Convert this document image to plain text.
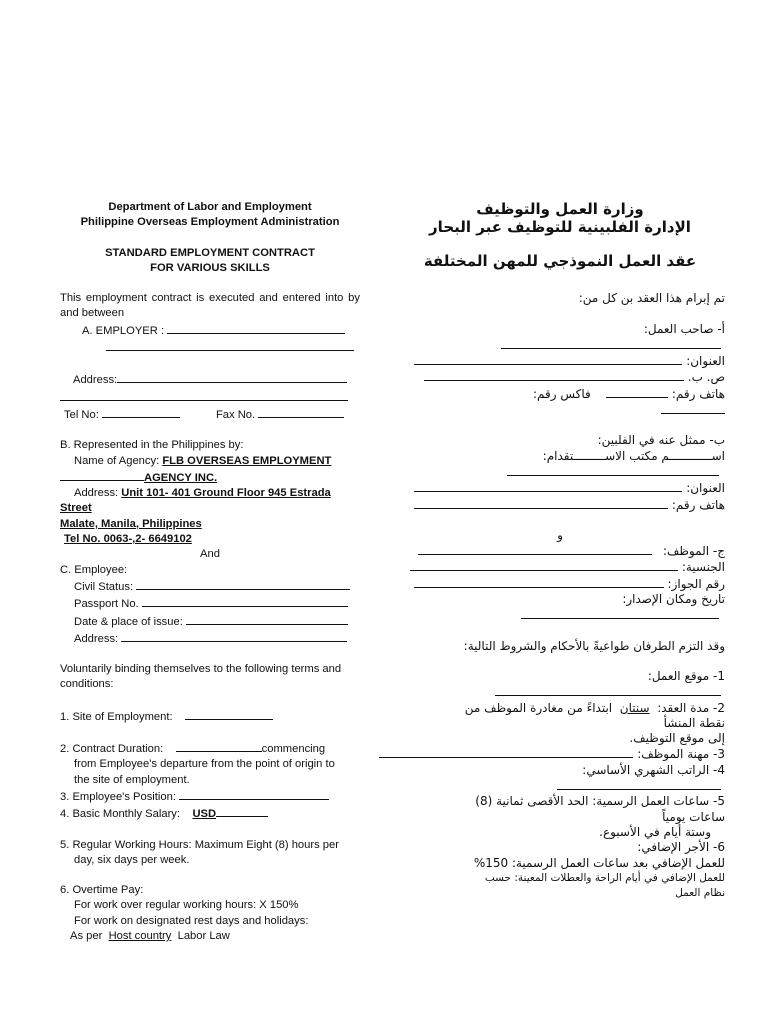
Department of Labor and Employment
Philippine Overseas Employment Administration
STANDARD EMPLOYMENT CONTRACT
FOR VARIOUS SKILLS
This employment contract is executed and entered into by and between
A. EMPLOYER :
Address:
Tel No:	Fax No.
B. Represented in the Philippines by:
Name of Agency: FLB OVERSEAS EMPLOYMENT
AGENCY INC.
Address: Unit 101- 401 Ground Floor 945 Estrada
Street
Malate, Manila, Philippines
Tel No. 0063-,2- 6649102
And
C. Employee:
Civil Status:
Passport No.
Date & place of issue:
Address:
Voluntarily binding themselves to the following terms and conditions:
1. Site of Employment:
2. Contract Duration:	commencing
from Employee's departure from the point of origin to
the site of employment.
3. Employee's Position:
4. Basic Monthly Salary: USD
5. Regular Working Hours: Maximum Eight (8) hours per
day, six days per week.
6. Overtime Pay:
For work over regular working hours: X 150%
For work on designated rest days and holidays:
As per Host country Labor Law
وزارة العمل والتوظيف
الإدارة الفلبينية للتوظيف عبر البحار
عقد العمل النموذجي للمهن المختلفة
تم إبرام هذا العقد بن كل من:
أ- صاحب العمل:
العنوان:
ص. ب.
هاتف رقم:     فاكس رقم:
ب- ممثل عنه في الفلبين:
اســــــــــــم مكتب الاســـــــــتقدام:
العنوان:
هاتف رقم:
و
ج- الموظف:
الجنسية:
رقم الجواز:
تاريخ ومكان الإصدار:
وقد التزم الطرفان طواعيةً بالأحكام والشروط التالية:
1- موقع العمل:
2- مدة العقد:  سنتان  ابتداءً من مغادرة الموظف من
نقطة المنشأ
إلى موقع التوظيف.
3- مهنة الموظف:
4- الراتب الشهري الأساسي:
5- ساعات العمل الرسمية: الحد الأقصى ثمانية (8)
ساعات يومياً
وستة أيام في الأسبوع.
6- الأجر الإضافي:
للعمل الإضافي بعد ساعات العمل الرسمية: 150%
للعمل الإضافي في أيام الراحة والعطلات المعينة: حسب
نظام العمل
